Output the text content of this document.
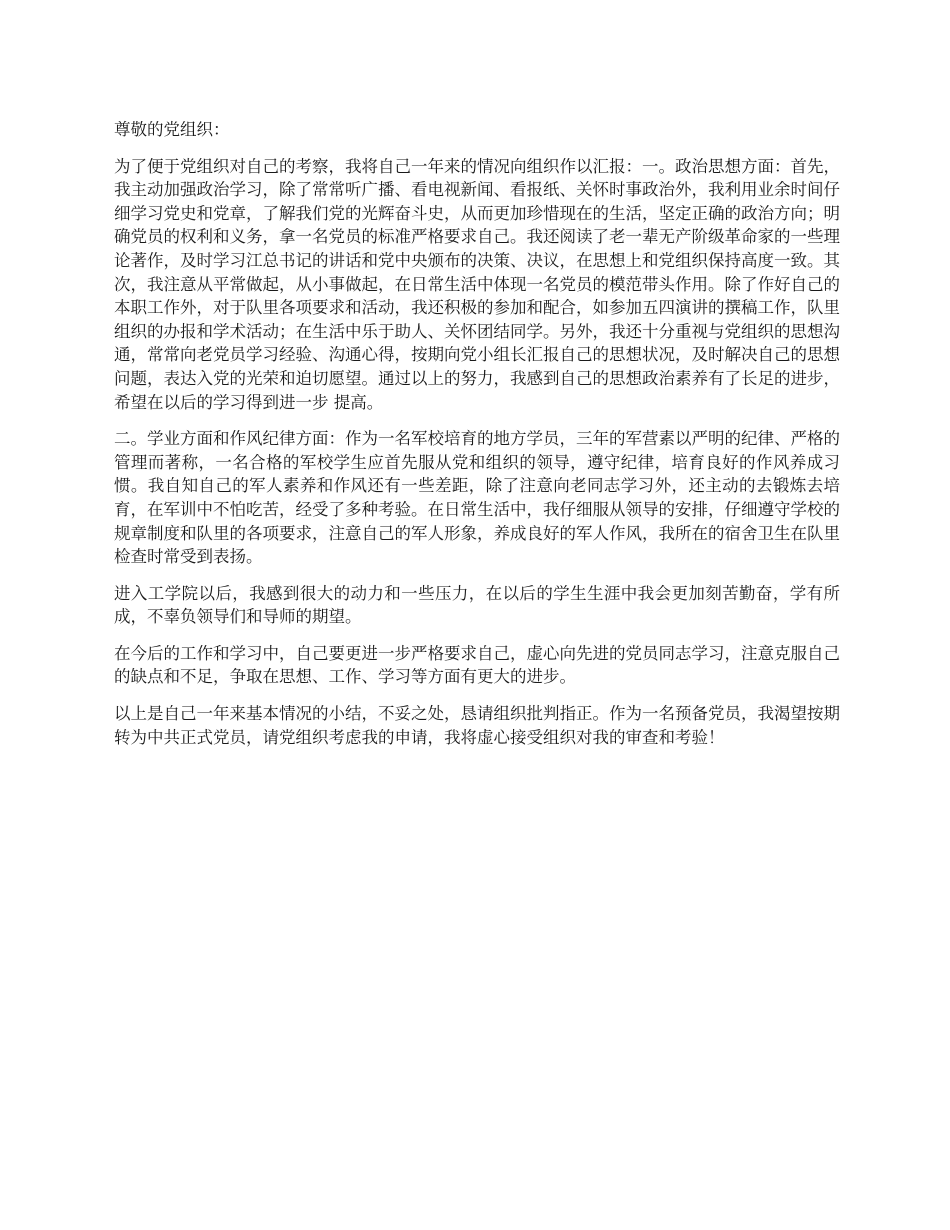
尊敬的党组织：

为了便于党组织对自己的考察，我将自己一年来的情况向组织作以汇报：一。政治思想方面：首先，我主动加强政治学习，除了常常听广播、看电视新闻、看报纸、关怀时事政治外，我利用业余时间仔细学习党史和党章，了解我们党的光辉奋斗史，从而更加珍惜现在的生活，坚定正确的政治方向；明确党员的权利和义务，拿一名党员的标准严格要求自己。我还阅读了老一辈无产阶级革命家的一些理论著作，及时学习江总书记的讲话和党中央颁布的决策、决议，在思想上和党组织保持高度一致。其次，我注意从平常做起，从小事做起，在日常生活中体现一名党员的模范带头作用。除了作好自己的本职工作外，对于队里各项要求和活动，我还积极的参加和配合，如参加五四演讲的撰稿工作，队里组织的办报和学术活动；在生活中乐于助人、关怀团结同学。另外，我还十分重视与党组织的思想沟通，常常向老党员学习经验、沟通心得，按期向党小组长汇报自己的思想状况，及时解决自己的思想问题，表达入党的光荣和迫切愿望。通过以上的努力，我感到自己的思想政治素养有了长足的进步，希望在以后的学习得到进一步 提高。

二。学业方面和作风纪律方面：作为一名军校培育的地方学员，三年的军营素以严明的纪律、严格的管理而著称，一名合格的军校学生应首先服从党和组织的领导，遵守纪律，培育良好的作风养成习惯。我自知自己的军人素养和作风还有一些差距，除了注意向老同志学习外，还主动的去锻炼去培育，在军训中不怕吃苦，经受了多种考验。在日常生活中，我仔细服从领导的安排，仔细遵守学校的规章制度和队里的各项要求，注意自己的军人形象，养成良好的军人作风，我所在的宿舍卫生在队里检查时常受到表扬。

进入工学院以后，我感到很大的动力和一些压力，在以后的学生生涯中我会更加刻苦勤奋，学有所成，不辜负领导们和导师的期望。

在今后的工作和学习中，自己要更进一步严格要求自己，虚心向先进的党员同志学习，注意克服自己的缺点和不足，争取在思想、工作、学习等方面有更大的进步。

以上是自己一年来基本情况的小结，不妥之处，恳请组织批判指正。作为一名预备党员，我渴望按期转为中共正式党员，请党组织考虑我的申请，我将虚心接受组织对我的审查和考验！
